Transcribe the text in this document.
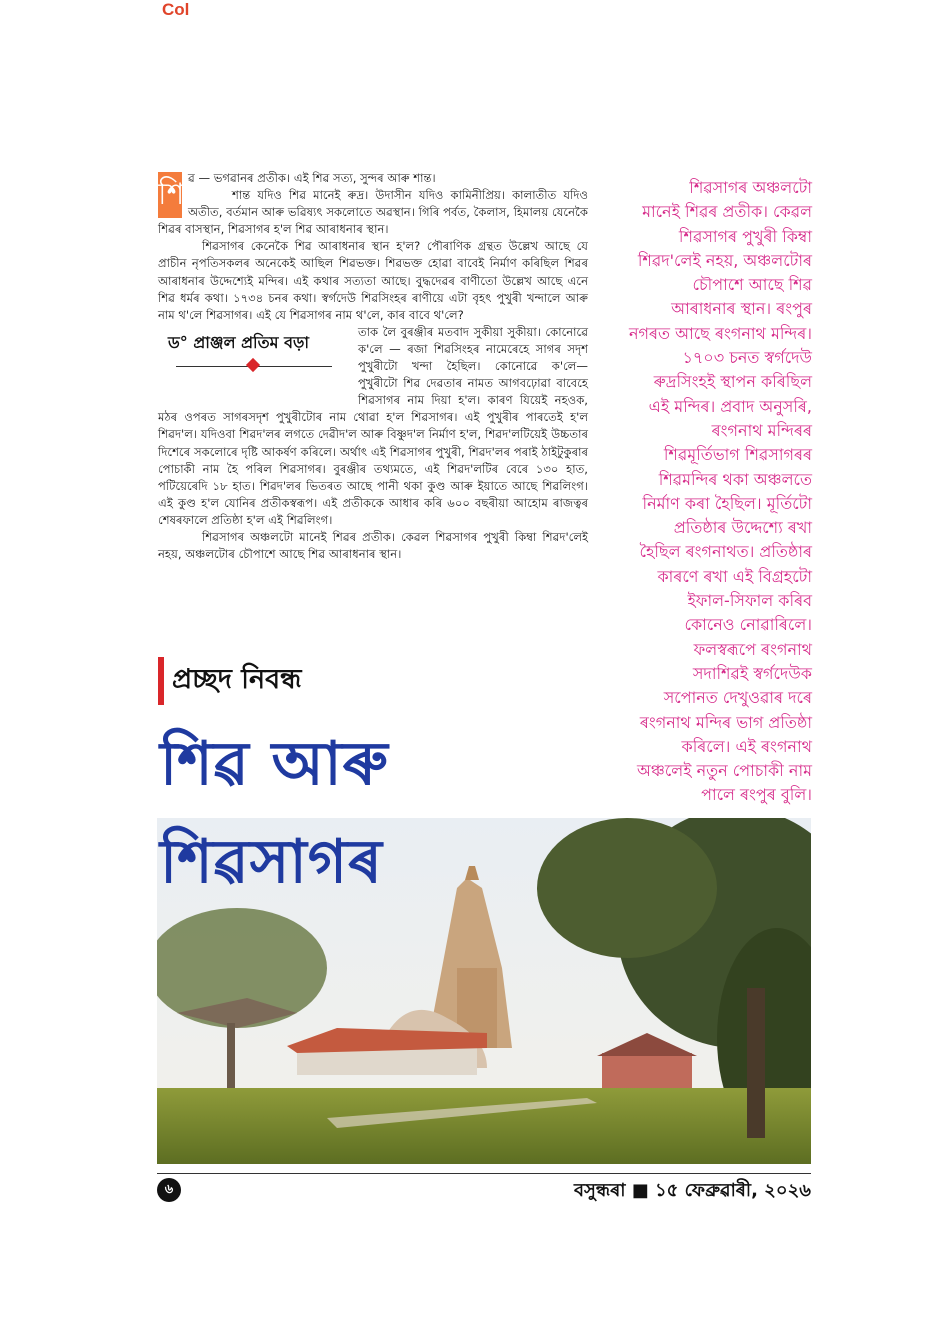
Col

শি ৱ — ভগৱানৰ প্ৰতীক। এই শিৱ সত্য, সুন্দৰ আৰু শান্ত।

শান্ত যদিও শিৱ মানেই ৰুদ্ৰ। উদাসীন যদিও কামিনীপ্ৰিয়। কালাতীত যদিও অতীত, বৰ্তমান আৰু ভৱিষ্যৎ সকলোতে অৱস্থান। গিৰি পৰ্বত, কৈলাস, হিমালয় যেনেকৈ শিৱৰ বাসস্থান, শিৱসাগৰ হ'ল শিৱ আৰাধনাৰ স্থান।

শিৱসাগৰ কেনেকৈ শিৱ আৰাধনাৰ স্থান হ'ল? পৌৰাণিক গ্ৰন্থত উল্লেখ আছে যে প্ৰাচীন নৃপতিসকলৰ অনেকেই আছিল শিৱভক্ত। শিৱভক্ত হোৱা বাবেই নিৰ্মাণ কৰিছিল শিৱৰ আৰাধনাৰ উদ্দেশ্যেই মন্দিৰ। এই কথাৰ সত্যতা আছে। বুদ্ধদেৱৰ বাণীতো উল্লেখ আছে এনে শিৱ ধৰ্মৰ কথা। ১৭৩৪ চনৰ কথা। স্বৰ্গদেউ শিৱসিংহৰ ৰাণীয়ে এটা বৃহৎ পুখুৰী খন্দালে আৰু নাম থ'লে শিৱসাগৰ। এই যে শিৱসাগৰ নাম থ'লে, কাৰ বাবে থ'লে?

ড° প্ৰাঞ্জল প্ৰতিম বড়া
তাক লৈ বুৰঞ্জীৰ মতবাদ সুকীয়া সুকীয়া। কোনোৱে ক'লে — ৰজা শিৱসিংহৰ নামেৰেহে সাগৰ সদৃশ পুখুৰীটো খন্দা হৈছিল। কোনোৱে ক'লে— পুখুৰীটো শিৱ দেৱতাৰ নামত আগবঢ়োৱা বাবেহে শিৱসাগৰ নাম দিয়া হ'ল। কাৰণ যিয়েই নহওক, মঠৰ ওপৰত সাগৰসদৃশ পুখুৰীটোৰ নাম থোৱা হ'ল শিৱসাগৰ। এই পুখুৰীৰ পাৰতেই হ'ল শিৱদ'ল। যদিওবা শিৱদ'লৰ লগতে দেৱীদ'ল আৰু বিষ্ণুদ'ল নিৰ্মাণ হ'ল, শিৱদ'লটিয়েই উচ্চতাৰ দিশেৰে সকলোৰে দৃষ্টি আকৰ্ষণ কৰিলে। অৰ্থাৎ এই শিৱসাগৰ পুখুৰী, শিৱদ'লৰ পৰাই ঠাইটুকুৰাৰ পোচাকী নাম হৈ পৰিল শিৱসাগৰ। বুৰঞ্জীৰ তথ্যমতে, এই শিৱদ'লটিৰ বেৰে ১৩০ হাত, পটিয়েৰেদি ১৮ হাত। শিৱদ'লৰ ভিতৰত আছে পানী থকা কুণ্ড আৰু ইয়াতে আছে শিৱলিংগ। এই কুণ্ড হ'ল যোনিৰ প্ৰতীকস্বৰূপ। এই প্ৰতীককে আধাৰ কৰি ৬০০ বছৰীয়া আহোম ৰাজত্বৰ শেষৰফালে প্ৰতিষ্ঠা হ'ল এই শিৱলিংগ।

শিৱসাগৰ অঞ্চলটো মানেই শিৱৰ প্ৰতীক। কেৱল শিৱসাগৰ পুখুৰী কিম্বা শিৱদ'লেই নহয়, অঞ্চলটোৰ চৌপাশে আছে শিৱ আৰাধনাৰ স্থান।

শিৱসাগৰ অঞ্চলটো

মানেই শিৱৰ প্ৰতীক। কেৱল

শিৱসাগৰ পুখুৰী কিম্বা

শিৱদ'লেই নহয়, অঞ্চলটোৰ

চৌপাশে আছে শিৱ

আৰাধনাৰ স্থান। ৰংপুৰ

নগৰত আছে ৰংগনাথ মন্দিৰ।

১৭০৩ চনত স্বৰ্গদেউ

ৰুদ্ৰসিংহই স্থাপন কৰিছিল

এই মন্দিৰ। প্ৰবাদ অনুসৰি,

ৰংগনাথ মন্দিৰৰ

শিৱমূৰ্তিভাগ শিৱসাগৰৰ

শিৱমন্দিৰ থকা অঞ্চলতে

নিৰ্মাণ কৰা হৈছিল। মূৰ্তিটো

প্ৰতিষ্ঠাৰ উদ্দেশ্যে ৰখা

হৈছিল ৰংগনাথত। প্ৰতিষ্ঠাৰ

কাৰণে ৰখা এই বিগ্ৰহটো

ইফাল-সিফাল কৰিব

কোনেও নোৱাৰিলে।

ফলস্বৰূপে ৰংগনাথ

সদাশিৱই স্বৰ্গদেউক

সপোনত দেখুওৱাৰ দৰে

ৰংগনাথ মন্দিৰ ভাগ প্ৰতিষ্ঠা

কৰিলে। এই ৰংগনাথ

অঞ্চলেই নতুন পোচাকী নাম

পালে ৰংপুৰ বুলি।

প্ৰচ্ছদ নিবন্ধ
শিৱ আৰু
শিৱসাগৰ
৬	বসুন্ধৰা ■ ১৫ ফেব্ৰুৱাৰী, ২০২৬
